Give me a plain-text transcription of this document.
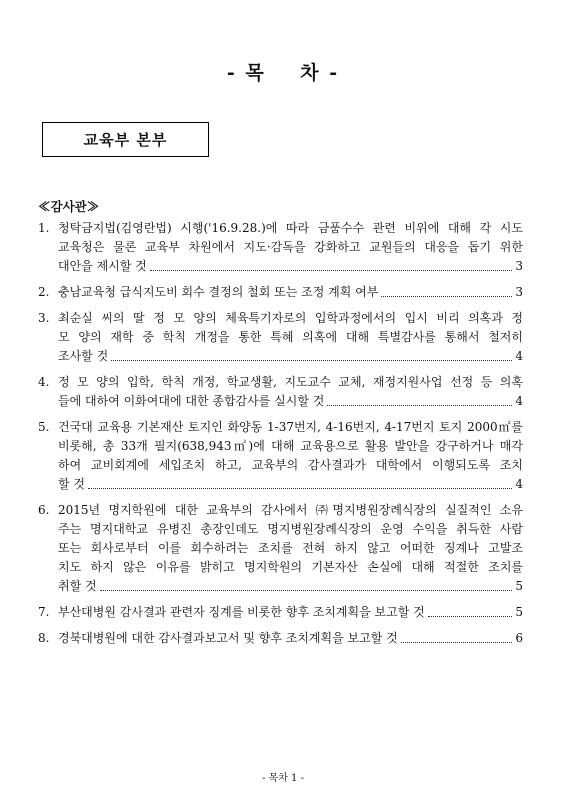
- 목    차 -
교육부 본부
≪감사관≫
1. 청탁금지법(김영란법) 시행('16.9.28.)에 따라 금품수수 관련 비위에 대해 각 시도
교육청은 물론 교육부 차원에서 지도·감독을 강화하고 교원들의 대응을 돕기 위한
대안을 제시할 것	3
2. 충남교육청 급식지도비 회수 결정의 철회 또는 조정 계획 여부	3
3. 최순실 씨의 딸 정 모 양의 체육특기자로의 입학과정에서의 입시 비리 의혹과 정
모 양의 재학 중 학칙 개정을 통한 특혜 의혹에 대해 특별감사를 통해서 철저히
조사할 것	4
4. 정 모 양의 입학, 학칙 개정, 학교생활, 지도교수 교체, 재정지원사업 선정 등 의혹
들에 대하여 이화여대에 대한 종합감사를 실시할 것	4
5. 건국대 교육용 기본재산 토지인 화양동 1-37번지, 4-16번지, 4-17번지 토지 2000㎡를
비롯해, 총 33개 필지(638,943㎡)에 대해 교육용으로 활용 발안을 강구하거나 매각
하여 교비회계에 세입조치 하고, 교육부의 감사결과가 대학에서 이행되도록 조치
할 것	4
6. 2015년 명지학원에 대한 교육부의 감사에서 ㈜명지병원장례식장의 실질적인 소유
주는 명지대학교 유병진 총장인데도 명지병원장례식장의 운영 수익을 취득한 사람
또는 회사로부터 이를 회수하려는 조치를 전혀 하지 않고 어떠한 징계나 고발조
치도 하지 않은 이유를 밝히고 명지학원의 기본자산 손실에 대해 적절한 조치를
취할 것	5
7. 부산대병원 감사결과 관련자 징계를 비롯한 향후 조치계획을 보고할 것	5
8. 경북대병원에 대한 감사결과보고서 및 향후 조치계획을 보고할 것	6
- 목차 1 -
